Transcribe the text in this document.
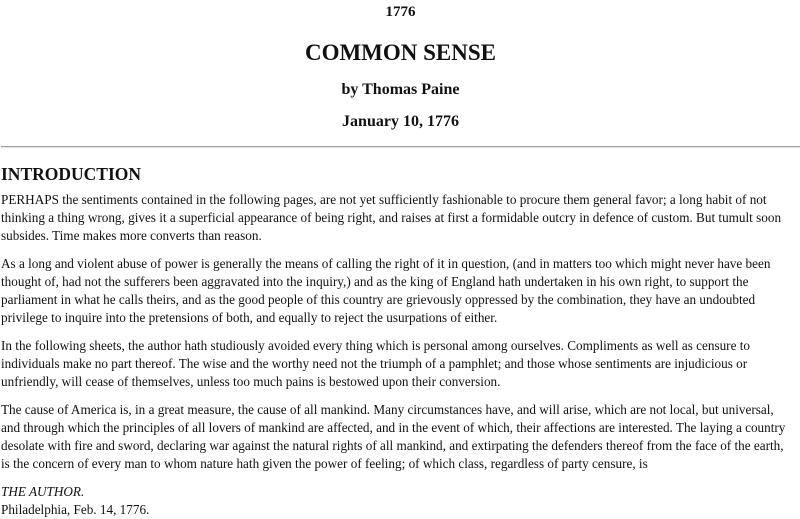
1776
COMMON SENSE
by Thomas Paine
January 10, 1776
INTRODUCTION

PERHAPS the sentiments contained in the following pages, are not yet sufficiently fashionable to procure them general favor; a long habit of not thinking a thing wrong, gives it a superficial appearance of being right, and raises at first a formidable outcry in defence of custom. But tumult soon subsides. Time makes more converts than reason.

As a long and violent abuse of power is generally the means of calling the right of it in question, (and in matters too which might never have been thought of, had not the sufferers been aggravated into the inquiry,) and as the king of England hath undertaken in his own right, to support the parliament in what he calls theirs, and as the good people of this country are grievously oppressed by the combination, they have an undoubted privilege to inquire into the pretensions of both, and equally to reject the usurpations of either.

In the following sheets, the author hath studiously avoided every thing which is personal among ourselves. Compliments as well as censure to individuals make no part thereof. The wise and the worthy need not the triumph of a pamphlet; and those whose sentiments are injudicious or unfriendly, will cease of themselves, unless too much pains is bestowed upon their conversion.

The cause of America is, in a great measure, the cause of all mankind. Many circumstances have, and will arise, which are not local, but universal, and through which the principles of all lovers of mankind are affected, and in the event of which, their affections are interested. The laying a country desolate with fire and sword, declaring war against the natural rights of all mankind, and extirpating the defenders thereof from the face of the earth, is the concern of every man to whom nature hath given the power of feeling; of which class, regardless of party censure, is

THE AUTHOR.
Philadelphia, Feb. 14, 1776.
